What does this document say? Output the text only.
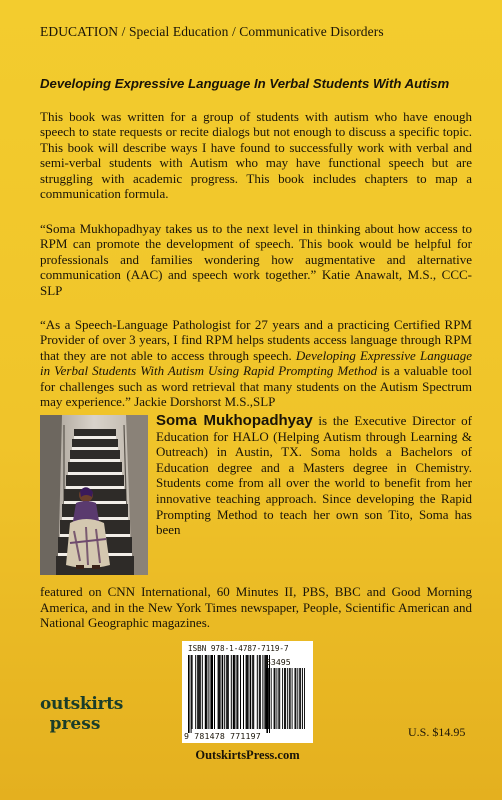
EDUCATION / Special Education / Communicative Disorders
Developing Expressive Language In Verbal Students With Autism

This book was written for a group of students with autism who have enough speech to state requests or recite dialogs but not enough to discuss a specific topic. This book will describe ways I have found to successfully work with verbal and semi-verbal students with Autism who may have functional speech but are struggling with academic progress. This book includes chapters to map a communication formula.

“Soma Mukhopadhyay takes us to the next level in thinking about how access to RPM can promote the development of speech. This book would be helpful for professionals and families wondering how augmentative and alternative communication (AAC) and speech work together.” Katie Anawalt, M.S., CCC-SLP

“As a Speech-Language Pathologist for 27 years and a practicing Certified RPM Provider of over 3 years, I find RPM helps students access language through RPM that they are not able to access through speech. Developing Expressive Language in Verbal Students With Autism Using Rapid Prompting Method is a valuable tool for challenges such as word retrieval that many students on the Autism Spectrum may experience.” Jackie Dorshorst M.S.,SLP

Soma Mukhopadhyay is the Executive Director of Education for HALO (Helping Autism through Learning & Outreach) in Austin, TX. Soma holds a Bachelors of Education degree and a Masters degree in Chemistry. Students come from all over the world to benefit from her innovative teaching approach. Since developing the Rapid Prompting Method to teach her own son Tito, Soma has been

featured on CNN International, 60 Minutes II, PBS, BBC and Good Morning America, and in the New York Times newspaper, People, Scientific American and National Geographic magazines.

ISBN 978-1-4787-7119-7
53495
9 781478 771197
outskirts
press
OutskirtsPress.com
U.S. $14.95
